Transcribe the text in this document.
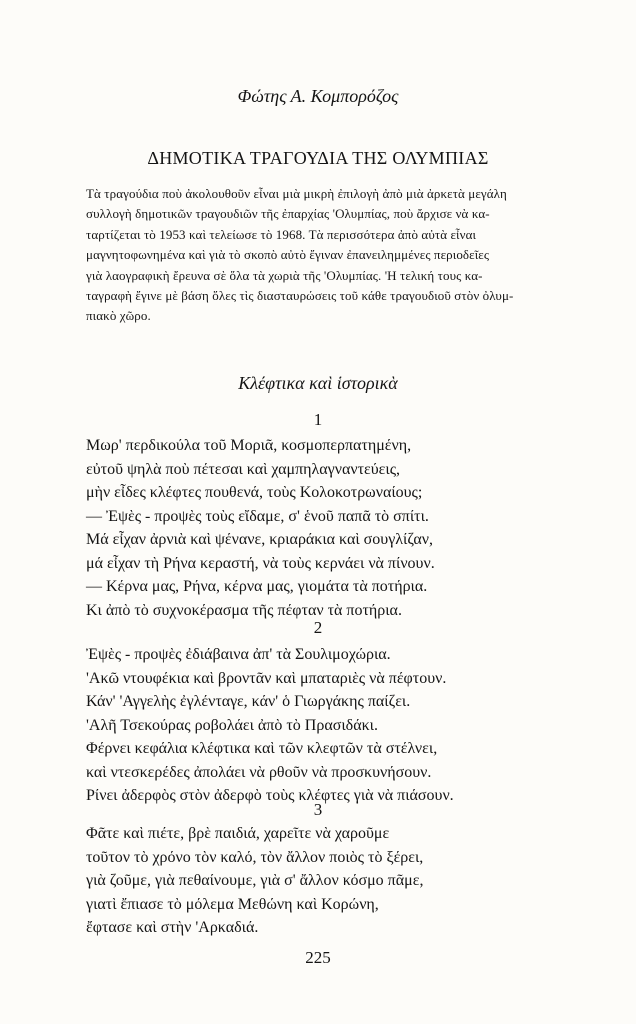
Φώτης Α. Κομπορόζος
ΔΗΜΟΤΙΚΑ ΤΡΑΓΟΥΔΙΑ ΤΗΣ ΟΛΥΜΠΙΑΣ
Τὰ τραγούδια ποὺ ἀκολουθοῦν εἶναι μιὰ μικρὴ ἐπιλογὴ ἀπὸ μιὰ ἀρκετὰ μεγάλη
συλλογὴ δημοτικῶν τραγουδιῶν τῆς ἐπαρχίας 'Ολυμπίας, ποὺ ἄρχισε νὰ κα-
ταρτίζεται τὸ 1953 καὶ τελείωσε τὸ 1968. Τὰ περισσότερα ἀπὸ αὐτὰ εἶναι
μαγνητοφωνημένα καὶ γιὰ τὸ σκοπὸ αὐτὸ ἔγιναν ἐπανειλημμένες περιοδεῖες
γιὰ λαογραφικὴ ἔρευνα σὲ ὅλα τὰ χωριὰ τῆς 'Ολυμπίας. 'Η τελική τους κα-
ταγραφὴ ἔγινε μὲ βάση ὅλες τὶς διασταυρώσεις τοῦ κάθε τραγουδιοῦ στὸν ὀλυμ-
πιακὸ χῶρο.
Κλέφτικα καὶ ἱστορικὰ
1
Μωρ' περδικούλα τοῦ Μοριᾶ, κοσμοπερπατημένη,
εὐτοῦ ψηλὰ ποὺ πέτεσαι καὶ χαμπηλαγναντεύεις,
μὴν εἶδες κλέφτες πουθενά, τοὺς Κολοκοτρωναίους;
— Ἐψὲς - προψὲς τοὺς εἴδαμε, σ' ἑνοῦ παπᾶ τὸ σπίτι.
Μά εἶχαν ἀρνιὰ καὶ ψένανε, κριαράκια καὶ σουγλίζαν,
μά εἶχαν τὴ Ρήνα κεραστή, νὰ τοὺς κερνάει νὰ πίνουν.
— Κέρνα μας, Ρήνα, κέρνα μας, γιομάτα τὰ ποτήρια.
Κι ἀπὸ τὸ συχνοκέρασμα τῆς πέφταν τὰ ποτήρια.
2
Ἐψὲς - προψὲς ἐδιάβαινα ἀπ' τὰ Σουλιμοχώρια.
'Ακῶ ντουφέκια καὶ βροντᾶν καὶ μπαταριὲς νὰ πέφτουν.
Κάν' 'Αγγελὴς ἐγλένταγε, κάν' ὁ Γιωργάκης παίζει.
'Αλῆ Τσεκούρας ροβολάει ἀπὸ τὸ Πρασιδάκι.
Φέρνει κεφάλια κλέφτικα καὶ τῶν κλεφτῶν τὰ στέλνει,
καὶ ντεσκερέδες ἀπολάει νὰ ρθοῦν νὰ προσκυνήσουν.
Ρίνει ἀδερφὸς στὸν ἀδερφὸ τοὺς κλέφτες γιὰ νὰ πιάσουν.
3
Φᾶτε καὶ πιέτε, βρὲ παιδιά, χαρεῖτε νὰ χαροῦμε
τοῦτον τὸ χρόνο τὸν καλό, τὸν ἄλλον ποιὸς τὸ ξέρει,
γιὰ ζοῦμε, γιὰ πεθαίνουμε, γιὰ σ' ἄλλον κόσμο πᾶμε,
γιατὶ ἔπιασε τὸ μόλεμα Μεθώνη καὶ Κορώνη,
ἔφτασε καὶ στὴν 'Αρκαδιά.
225
